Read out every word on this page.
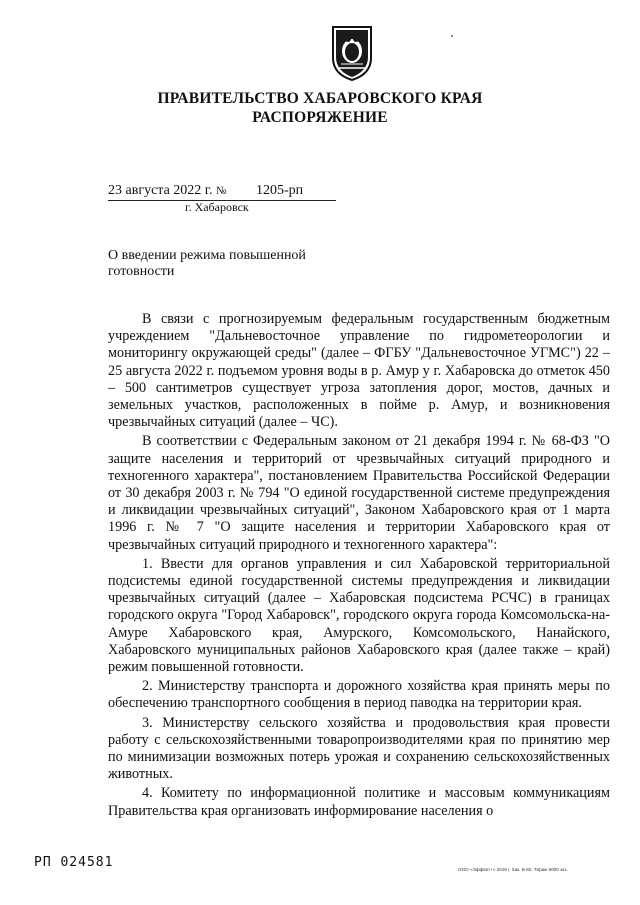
ПРАВИТЕЛЬСТВО ХАБАРОВСКОГО КРАЯ
РАСПОРЯЖЕНИЕ
23 августа 2022 г. № 1205-рп
г. Хабаровск
О введении режима повышенной готовности

В связи с прогнозируемым федеральным государственным бюджетным учреждением "Дальневосточное управление по гидрометеорологии и мониторингу окружающей среды" (далее – ФГБУ "Дальневосточное УГМС") 22 – 25 августа 2022 г. подъемом уровня воды в р. Амур у г. Хабаровска до отметок 450 – 500 сантиметров существует угроза затопления дорог, мостов, дачных и земельных участков, расположенных в пойме р. Амур, и возникновения чрезвычайных ситуаций (далее – ЧС).

В соответствии с Федеральным законом от 21 декабря 1994 г. № 68-ФЗ "О защите населения и территорий от чрезвычайных ситуаций природного и техногенного характера", постановлением Правительства Российской Федерации от 30 декабря 2003 г. № 794 "О единой государственной системе предупреждения и ликвидации чрезвычайных ситуаций", Законом Хабаровского края от 1 марта 1996 г. № 7 "О защите населения и территории Хабаровского края от чрезвычайных ситуаций природного и техногенного характера":

1. Ввести для органов управления и сил Хабаровской территориальной подсистемы единой государственной системы предупреждения и ликвидации чрезвычайных ситуаций (далее – Хабаровская подсистема РСЧС) в границах городского округа "Город Хабаровск", городского округа города Комсомольска-на-Амуре Хабаровского края, Амурского, Комсомольского, Нанайского, Хабаровского муниципальных районов Хабаровского края (далее также – край) режим повышенной готовности.

2. Министерству транспорта и дорожного хозяйства края принять меры по обеспечению транспортного сообщения в период паводка на территории края.

3. Министерству сельского хозяйства и продовольствия края провести работу с сельскохозяйственными товаропроизводителями края по принятию мер по минимизации возможных потерь урожая и сохранению сельскохозяйственных животных.

4. Комитету по информационной политике и массовым коммуникациям Правительства края организовать информирование населения о

РП 024581	ООО «Эффект+» 2019 г. Зак. Б-82. Тираж 6000 экз.
